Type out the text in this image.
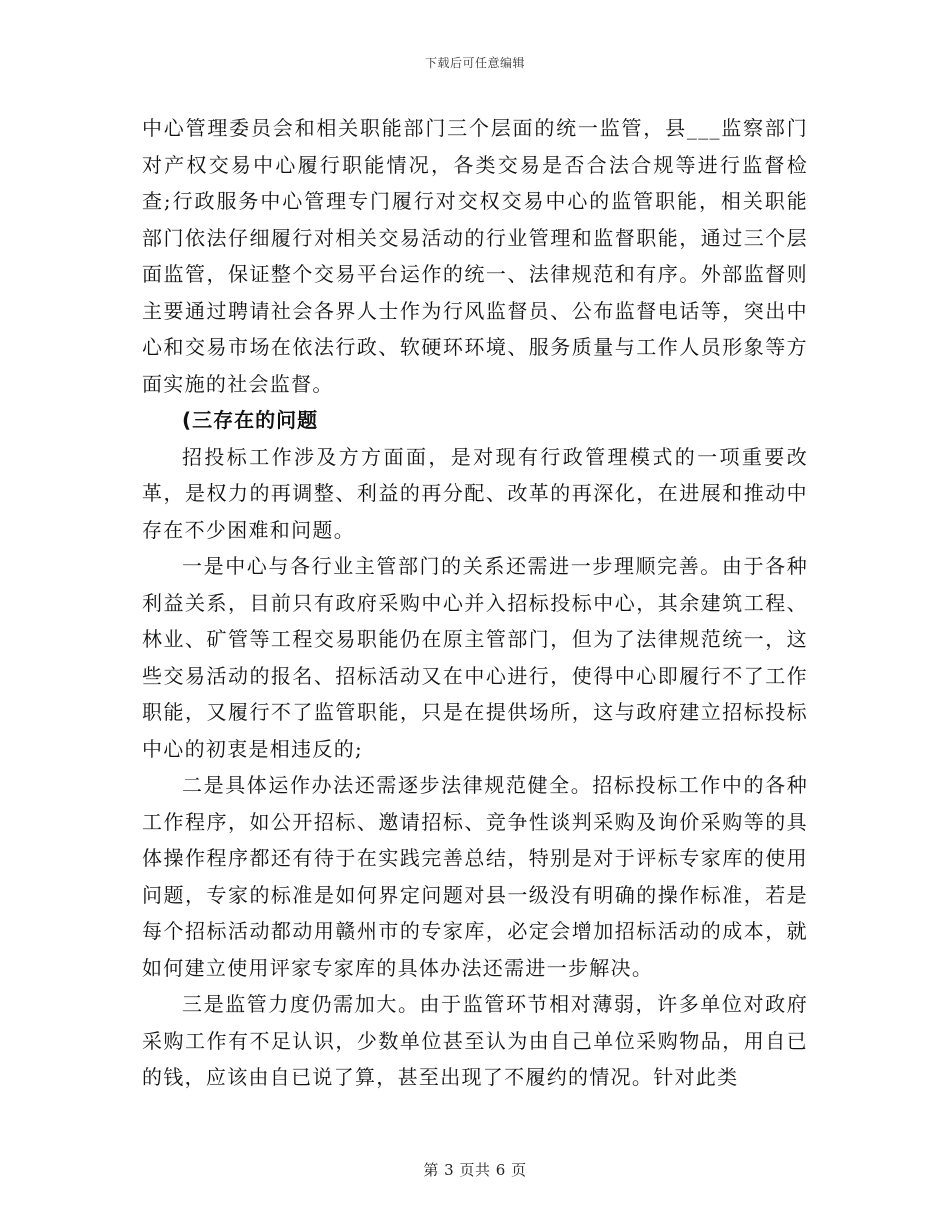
下载后可任意编辑

中心管理委员会和相关职能部门三个层面的统一监管，县___监察部门对产权交易中心履行职能情况，各类交易是否合法合规等进行监督检查;行政服务中心管理专门履行对交权交易中心的监管职能，相关职能部门依法仔细履行对相关交易活动的行业管理和监督职能，通过三个层面监管，保证整个交易平台运作的统一、法律规范和有序。外部监督则主要通过聘请社会各界人士作为行风监督员、公布监督电话等，突出中心和交易市场在依法行政、软硬环环境、服务质量与工作人员形象等方面实施的社会监督。

(三存在的问题

招投标工作涉及方方面面，是对现有行政管理模式的一项重要改革，是权力的再调整、利益的再分配、改革的再深化，在进展和推动中存在不少困难和问题。

一是中心与各行业主管部门的关系还需进一步理顺完善。由于各种利益关系，目前只有政府采购中心并入招标投标中心，其余建筑工程、林业、矿管等工程交易职能仍在原主管部门，但为了法律规范统一，这些交易活动的报名、招标活动又在中心进行，使得中心即履行不了工作职能，又履行不了监管职能，只是在提供场所，这与政府建立招标投标中心的初衷是相违反的;

二是具体运作办法还需逐步法律规范健全。招标投标工作中的各种工作程序，如公开招标、邀请招标、竞争性谈判采购及询价采购等的具体操作程序都还有待于在实践完善总结，特别是对于评标专家库的使用问题，专家的标准是如何界定问题对县一级没有明确的操作标准，若是每个招标活动都动用赣州市的专家库，必定会增加招标活动的成本，就如何建立使用评家专家库的具体办法还需进一步解决。

三是监管力度仍需加大。由于监管环节相对薄弱，许多单位对政府采购工作有不足认识，少数单位甚至认为由自己单位采购物品，用自已的钱，应该由自已说了算，甚至出现了不履约的情况。针对此类

第 3 页共 6 页
